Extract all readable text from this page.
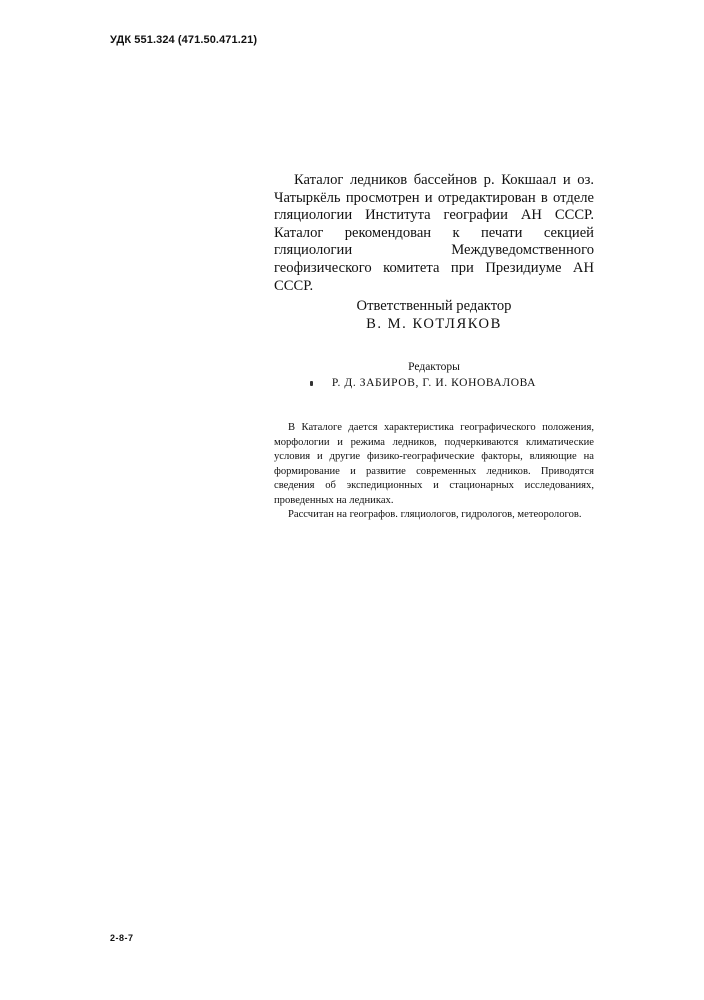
УДК 551.324 (471.50.471.21)

Каталог ледников бассейнов р. Кокшаал и оз. Чатыркёль просмотрен и отредактирован в отделе гляциологии Института географии АН СССР. Каталог рекомендован к печати секцией гляциологии Междуведомственного геофизического комитета при Президиуме АН СССР.

Ответственный редактор
В. М. КОТЛЯКОВ
Редакторы
Р. Д. ЗАБИРОВ, Г. И. КОНОВАЛОВА

В Каталоге дается характеристика географического положения, морфологии и режима ледников, подчеркиваются климатические условия и другие физико-географические факторы, влияющие на формирование и развитие современных ледников. Приводятся сведения об экспедиционных и стационарных исследованиях, проведенных на ледниках.

Рассчитан на географов. гляциологов, гидрологов, метеорологов.

2-8-7
